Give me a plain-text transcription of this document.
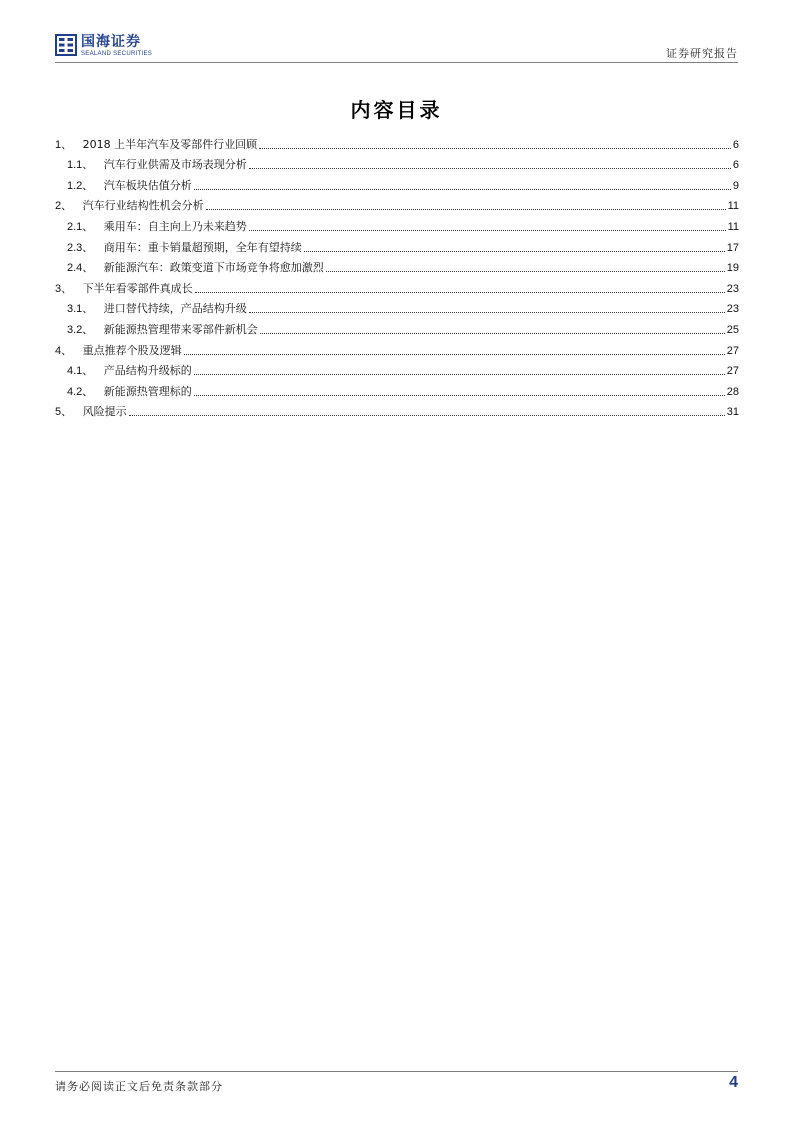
国海证券
SEALAND SECURITIES	证券研究报告
内容目录
1 、 2018 上半年汽车及零部件行业回顾	6
1.1 、 汽车行业供需及市场表现分析	6
1.2 、 汽车板块估值分析	9
2 、 汽车行业结构性机会分析	11
2.1 、 乘用车：自主向上乃未来趋势	11
2.3 、 商用车：重卡销量超预期，全年有望持续	17
2.4 、 新能源汽车：政策变道下市场竞争将愈加激烈	19
3 、 下半年看零部件真成长	23
3.1 、 进口替代持续，产品结构升级	23
3.2 、 新能源热管理带来零部件新机会	25
4 、 重点推荐个股及逻辑	27
4.1 、 产品结构升级标的	27
4.2 、 新能源热管理标的	28
5 、 风险提示	31
请务必阅读正文后免责条款部分	4
